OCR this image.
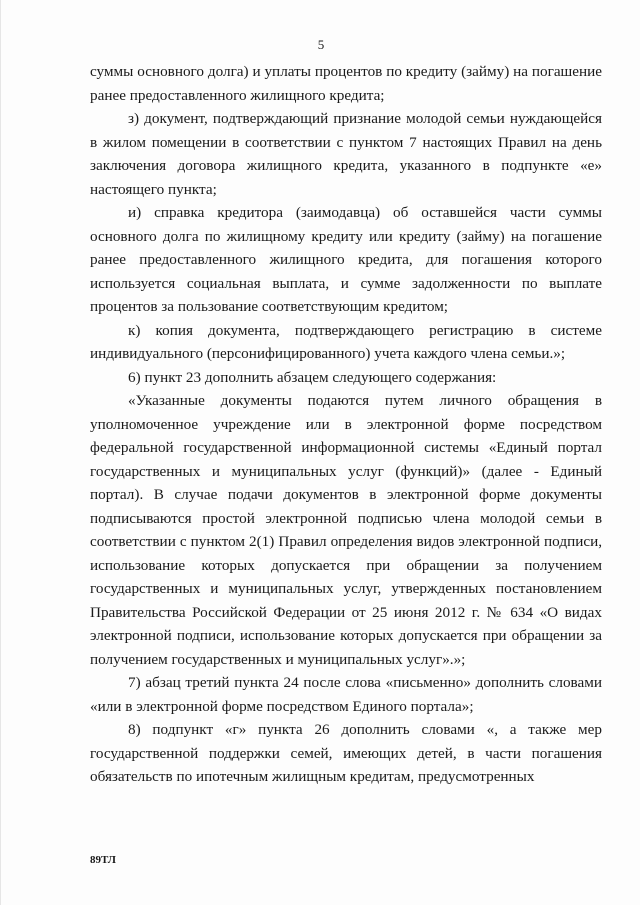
5

суммы основного долга) и уплаты процентов по кредиту (займу) на погашение ранее предоставленного жилищного кредита;

з) документ, подтверждающий признание молодой семьи нуждающейся в жилом помещении в соответствии с пунктом 7 настоящих Правил на день заключения договора жилищного кредита, указанного в подпункте «е» настоящего пункта;

и) справка кредитора (заимодавца) об оставшейся части суммы основного долга по жилищному кредиту или кредиту (займу) на погашение ранее предоставленного жилищного кредита, для погашения которого используется социальная выплата, и сумме задолженности по выплате процентов за пользование соответствующим кредитом;

к) копия документа, подтверждающего регистрацию в системе индивидуального (персонифицированного) учета каждого члена семьи.»;

6) пункт 23 дополнить абзацем следующего содержания:

«Указанные документы подаются путем личного обращения в уполномоченное учреждение или в электронной форме посредством федеральной государственной информационной системы «Единый портал государственных и муниципальных услуг (функций)» (далее - Единый портал). В случае подачи документов в электронной форме документы подписываются простой электронной подписью члена молодой семьи в соответствии с пунктом 2(1) Правил определения видов электронной подписи, использование которых допускается при обращении за получением государственных и муниципальных услуг, утвержденных постановлением Правительства Российской Федерации от 25 июня 2012 г. № 634 «О видах электронной подписи, использование которых допускается при обращении за получением государственных и муниципальных услуг».»;

7) абзац третий пункта 24 после слова «письменно» дополнить словами «или в электронной форме посредством Единого портала»;

8) подпункт «г» пункта 26 дополнить словами «, а также мер государственной поддержки семей, имеющих детей, в части погашения обязательств по ипотечным жилищным кредитам, предусмотренных

89ТЛ
